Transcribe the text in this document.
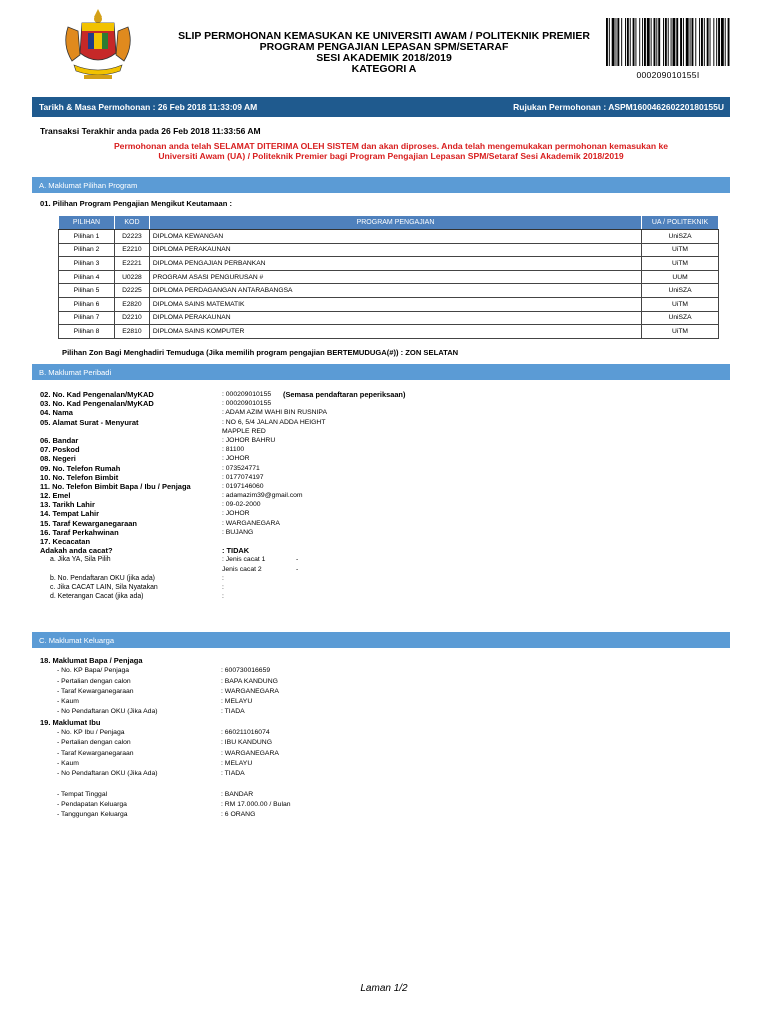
SLIP PERMOHONAN KEMASUKAN KE UNIVERSITI AWAM / POLITEKNIK PREMIER
PROGRAM PENGAJIAN LEPASAN SPM/SETARAF
SESI AKADEMIK 2018/2019
KATEGORI A	000209010155I
Tarikh & Masa Permohonan : 26 Feb 2018 11:33:09 AM	Rujukan Permohonan : ASPM160046260220180155U
Transaksi Terakhir anda pada 26 Feb 2018 11:33:56 AM
Permohonan anda telah SELAMAT DITERIMA OLEH SISTEM dan akan diproses. Anda telah mengemukakan permohonan kemasukan ke Universiti Awam (UA) / Politeknik Premier bagi Program Pengajian Lepasan SPM/Setaraf Sesi Akademik 2018/2019
A. Maklumat Pilihan Program
01. Pilihan Program Pengajian Mengikut Keutamaan :
PILIHAN	KOD	PROGRAM PENGAJIAN	UA / POLITEKNIK
Pilihan 1	D2223	DIPLOMA KEWANGAN	UniSZA
Pilihan 2	E2210	DIPLOMA PERAKAUNAN	UiTM
Pilihan 3	E2221	DIPLOMA PENGAJIAN PERBANKAN	UiTM
Pilihan 4	U0228	PROGRAM ASASI PENGURUSAN #	UUM
Pilihan 5	D2225	DIPLOMA PERDAGANGAN ANTARABANGSA	UniSZA
Pilihan 6	E2820	DIPLOMA SAINS MATEMATIK	UiTM
Pilihan 7	D2210	DIPLOMA PERAKAUNAN	UniSZA
Pilihan 8	E2810	DIPLOMA SAINS KOMPUTER	UiTM
Pilihan Zon Bagi Menghadiri Temuduga (Jika memilih program pengajian BERTEMUDUGA(#)) : ZON SELATAN
B. Maklumat Peribadi
02. No. Kad Pengenalan/MyKAD	: 000209010155 (Semasa pendaftaran peperiksaan)
03. No. Kad Pengenalan/MyKAD	: 000209010155
04. Nama	: ADAM AZIM WAHI BIN RUSNIPA
05. Alamat Surat - Menyurat	: NO 6, 5/4 JALAN ADDA HEIGHT
MAPPLE RED
06. Bandar	: JOHOR BAHRU
07. Poskod	: 81100
08. Negeri	: JOHOR
09. No. Telefon Rumah	: 073524771
10. No. Telefon Bimbit	: 0177074197
11. No. Telefon Bimbit Bapa / Ibu / Penjaga	: 0197146060
12. Emel	: adamazim39@gmail.com
13. Tarikh Lahir	: 09-02-2000
14. Tempat Lahir	: JOHOR
15. Taraf Kewarganegaraan	: WARGANEGARA
16. Taraf Perkahwinan	: BUJANG
17. Kecacatan
Adakah anda cacat?	: TIDAK
a. Jika YA, Sila Pilih	: Jenis cacat 1	-
Jenis cacat 2	-
b. No. Pendaftaran OKU (jika ada)	:
c. Jika CACAT LAIN, Sila Nyatakan	:
d. Keterangan Cacat (jika ada)	:
C. Maklumat Keluarga
18. Maklumat Bapa / Penjaga
- No. KP Bapa/ Penjaga	: 600730016659
- Pertalian dengan calon	: BAPA KANDUNG
- Taraf Kewarganegaraan	: WARGANEGARA
- Kaum	: MELAYU
- No Pendaftaran OKU (Jika Ada)	: TIADA
19. Maklumat Ibu
- No. KP Ibu / Penjaga	: 660211016074
- Pertalian dengan calon	: IBU KANDUNG
- Taraf Kewarganegaraan	: WARGANEGARA
- Kaum	: MELAYU
- No Pendaftaran OKU (Jika Ada)	: TIADA
- Tempat Tinggal	: BANDAR
- Pendapatan Keluarga	: RM 17.000.00 / Bulan
- Tanggungan Keluarga	: 6 ORANG
Laman 1/2
